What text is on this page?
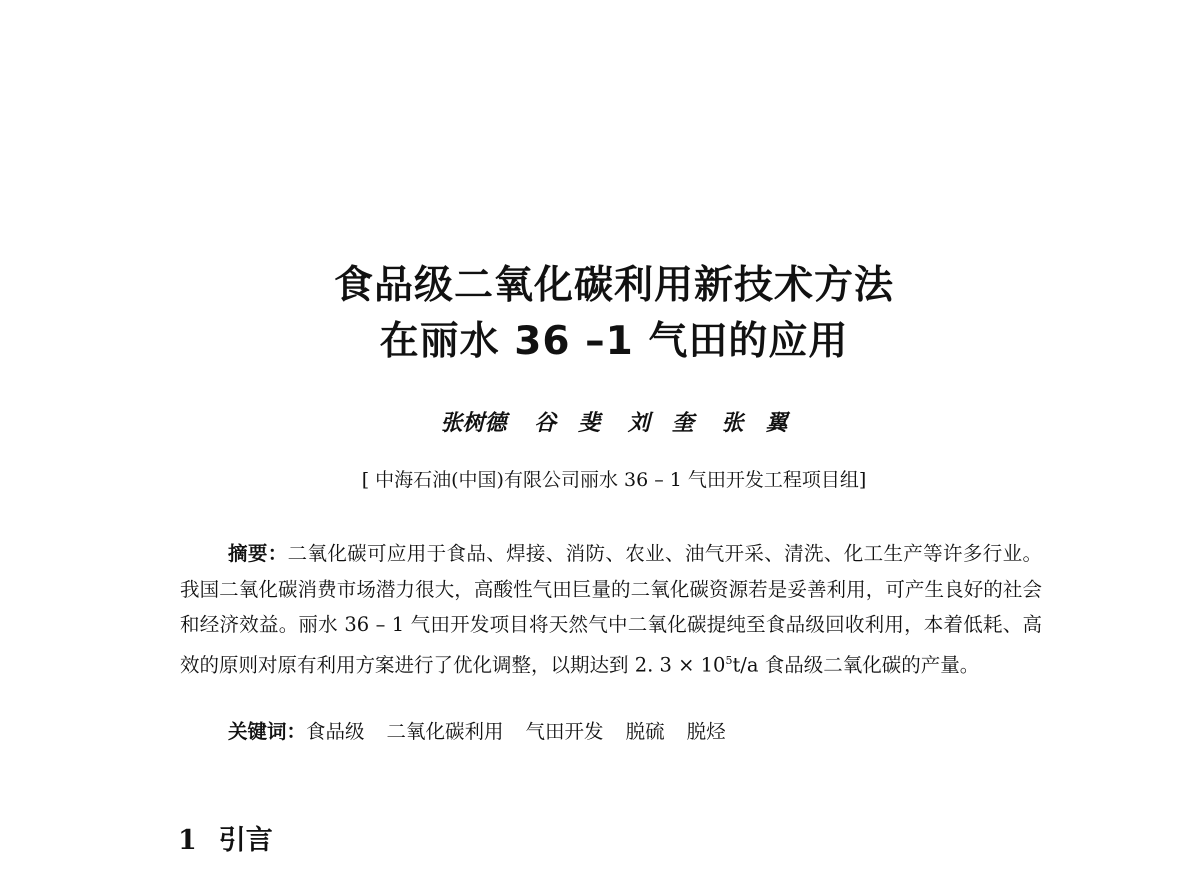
食品级二氧化碳利用新技术方法
在丽水 36 –1 气田的应用
张树德 谷　斐 刘　奎 张　翼
[ 中海石油(中国)有限公司丽水 36 – 1 气田开发工程项目组]

摘要：二氧化碳可应用于食品、焊接、消防、农业、油气开采、清洗、化工生产等许多行业。我国二氧化碳消费市场潜力很大，高酸性气田巨量的二氧化碳资源若是妥善利用，可产生良好的社会和经济效益。丽水 36 – 1 气田开发项目将天然气中二氧化碳提纯至食品级回收利用，本着低耗、高效的原则对原有利用方案进行了优化调整，以期达到 2. $3 \times 10^5t/a$ 食品级二氧化碳的产量。

关键词：食品级 二氧化碳利用 气田开发 脱硫 脱烃
1 引言
